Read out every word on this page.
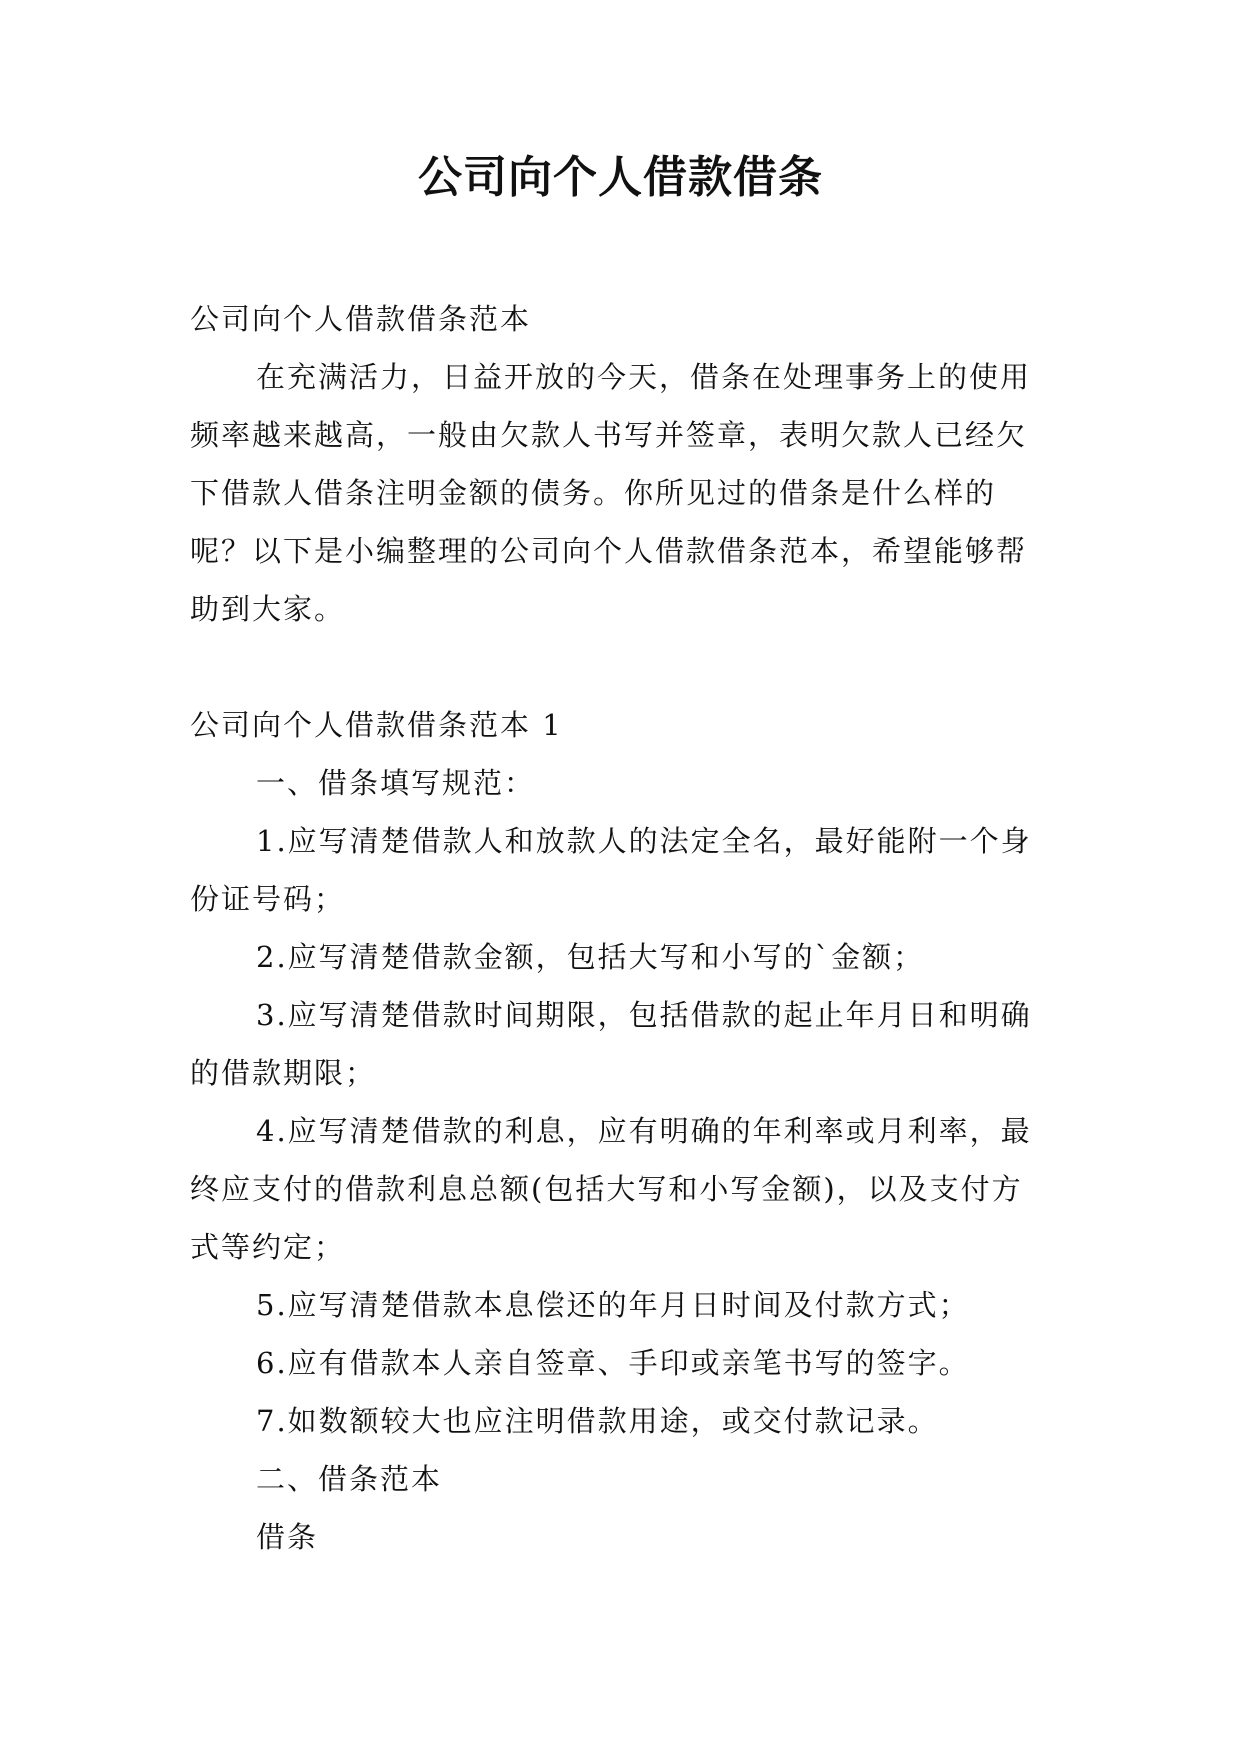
公司向个人借款借条

公司向个人借款借条范本

在充满活力，日益开放的今天，借条在处理事务上的使用频率越来越高，一般由欠款人书写并签章，表明欠款人已经欠下借款人借条注明金额的债务。你所见过的借条是什么样的呢？以下是小编整理的公司向个人借款借条范本，希望能够帮助到大家。

公司向个人借款借条范本 1

一、借条填写规范：

1.应写清楚借款人和放款人的法定全名，最好能附一个身份证号码；

2.应写清楚借款金额，包括大写和小写的`金额；

3.应写清楚借款时间期限，包括借款的起止年月日和明确的借款期限；

4.应写清楚借款的利息，应有明确的年利率或月利率，最终应支付的借款利息总额(包括大写和小写金额)，以及支付方式等约定；

5.应写清楚借款本息偿还的年月日时间及付款方式；

6.应有借款本人亲自签章、手印或亲笔书写的签字。

7.如数额较大也应注明借款用途，或交付款记录。

二、借条范本

借条
